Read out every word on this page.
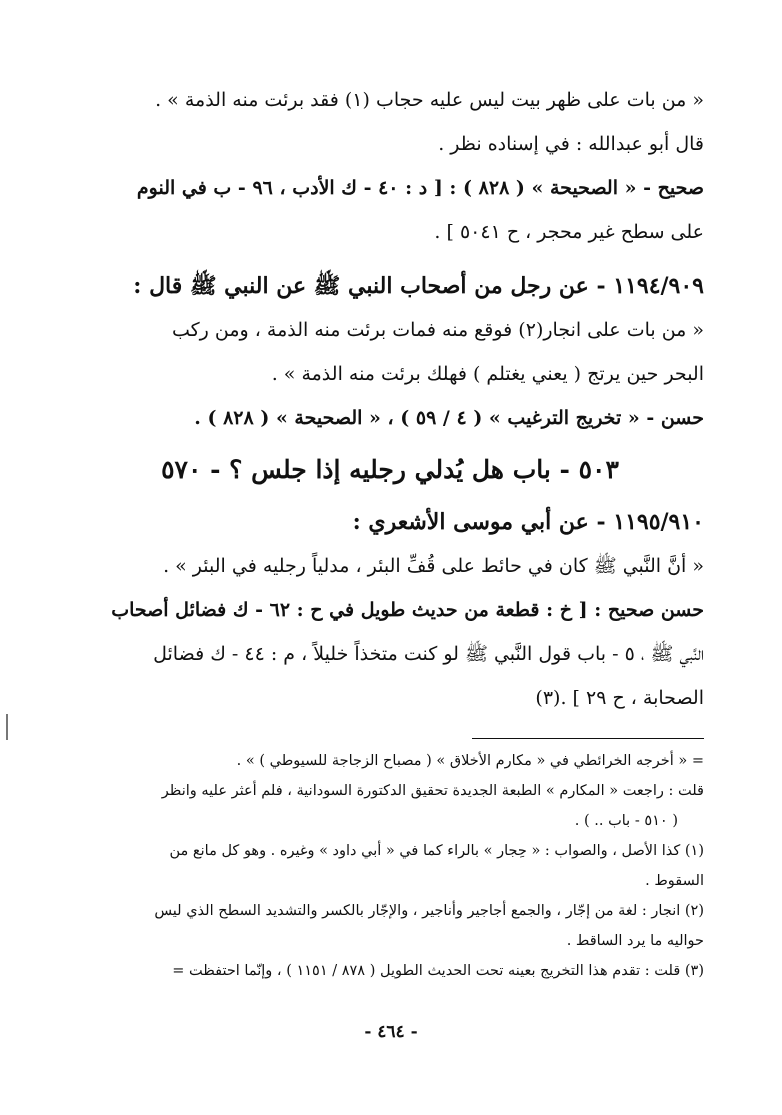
« من بات على ظهر بيت ليس عليه حجاب (١) فقد برئت منه الذمة » .
قال أبو عبدالله : في إسناده نظر .
صحيح - « الصحيحة » ( ٨٢٨ ) : [ د : ٤٠ - ك الأدب ، ٩٦ - ب في النوم
على سطح غير محجر ، ح ٥٠٤١ ] .
١١٩٤/٩٠٩ - عن رجل من أصحاب النبي ﷺ عن النبي ﷺ قال :
« من بات على انجار(٢) فوقع منه فمات برئت منه الذمة ، ومن ركب
البحر حين يرتج ( يعني يغتلم ) فهلك برئت منه الذمة » .
حسن - « تخريج الترغيب » ( ٤ / ٥٩ ) ، « الصحيحة » ( ٨٢٨ ) .
٥٠٣ - باب هل يُدلي رجليه إذا جلس ؟ - ٥٧٠
١١٩٥/٩١٠ - عن أبي موسى الأشعري :
« أنَّ النَّبي ﷺ كان في حائط على قُفِّ البئر ، مدلياً رجليه في البئر » .
حسن صحيح : [ خ : قطعة من حديث طويل في ح : ٦٢ - ك فضائل أصحاب
النَّبي ﷺ ، ٥ - باب قول النَّبي ﷺ لو كنت متخذاً خليلاً ، م : ٤٤ - ك فضائل
الصحابة ، ح ٢٩ ] .(٣)
= « أخرجه الخرائطي في « مكارم الأخلاق » ( مصباح الزجاجة للسيوطي ) » .
قلت : راجعت « المكارم » الطبعة الجديدة تحقيق الدكتورة السودانية ، فلم أعثر عليه وانظر
( ٥١٠ - باب .. ) .
(١) كذا الأصل ، والصواب : « حِجار » بالراء كما في « أبي داود » وغيره . وهو كل مانع من
السقوط .
(٢) انجار : لغة من إجّار ، والجمع أجاجير وأناجير ، والإجّار بالكسر والتشديد السطح الذي ليس
حواليه ما يرد الساقط .
(٣) قلت : تقدم هذا التخريج بعينه تحت الحديث الطويل ( ٨٧٨ / ١١٥١ ) ، وإنّما احتفظت =
- ٤٦٤ -
